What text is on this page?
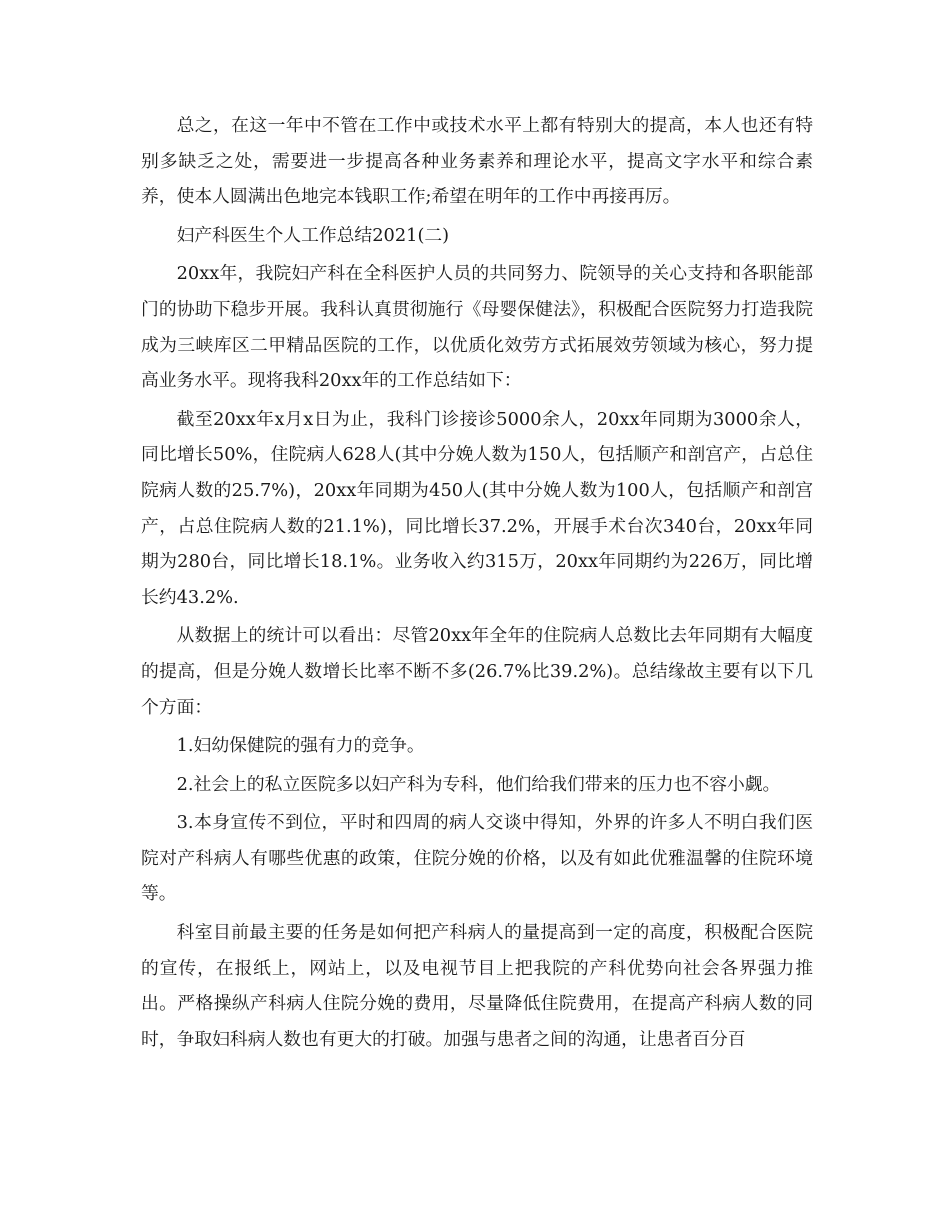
总之，在这一年中不管在工作中或技术水平上都有特别大的提高，本人也还有特别多缺乏之处，需要进一步提高各种业务素养和理论水平，提高文字水平和综合素养，使本人圆满出色地完本钱职工作;希望在明年的工作中再接再厉。

妇产科医生个人工作总结2021(二)

20xx年，我院妇产科在全科医护人员的共同努力、院领导的关心支持和各职能部门的协助下稳步开展。我科认真贯彻施行《母婴保健法》，积极配合医院努力打造我院成为三峡库区二甲精品医院的工作，以优质化效劳方式拓展效劳领域为核心，努力提高业务水平。现将我科20xx年的工作总结如下：

截至20xx年x月x日为止，我科门诊接诊5000余人，20xx年同期为3000余人，同比增长50%，住院病人628人(其中分娩人数为150人，包括顺产和剖宫产，占总住院病人数的25.7%)，20xx年同期为450人(其中分娩人数为100人，包括顺产和剖宫产，占总住院病人数的21.1%)，同比增长37.2%，开展手术台次340台，20xx年同期为280台，同比增长18.1%。业务收入约315万，20xx年同期约为226万，同比增长约43.2%.

从数据上的统计可以看出：尽管20xx年全年的住院病人总数比去年同期有大幅度的提高，但是分娩人数增长比率不断不多(26.7%比39.2%)。总结缘故主要有以下几个方面：

1.妇幼保健院的强有力的竞争。

2.社会上的私立医院多以妇产科为专科，他们给我们带来的压力也不容小觑。

3.本身宣传不到位，平时和四周的病人交谈中得知，外界的许多人不明白我们医院对产科病人有哪些优惠的政策，住院分娩的价格，以及有如此优雅温馨的住院环境等。

科室目前最主要的任务是如何把产科病人的量提高到一定的高度，积极配合医院的宣传，在报纸上，网站上，以及电视节目上把我院的产科优势向社会各界强力推出。严格操纵产科病人住院分娩的费用，尽量降低住院费用，在提高产科病人数的同时，争取妇科病人数也有更大的打破。加强与患者之间的沟通，让患者百分百
